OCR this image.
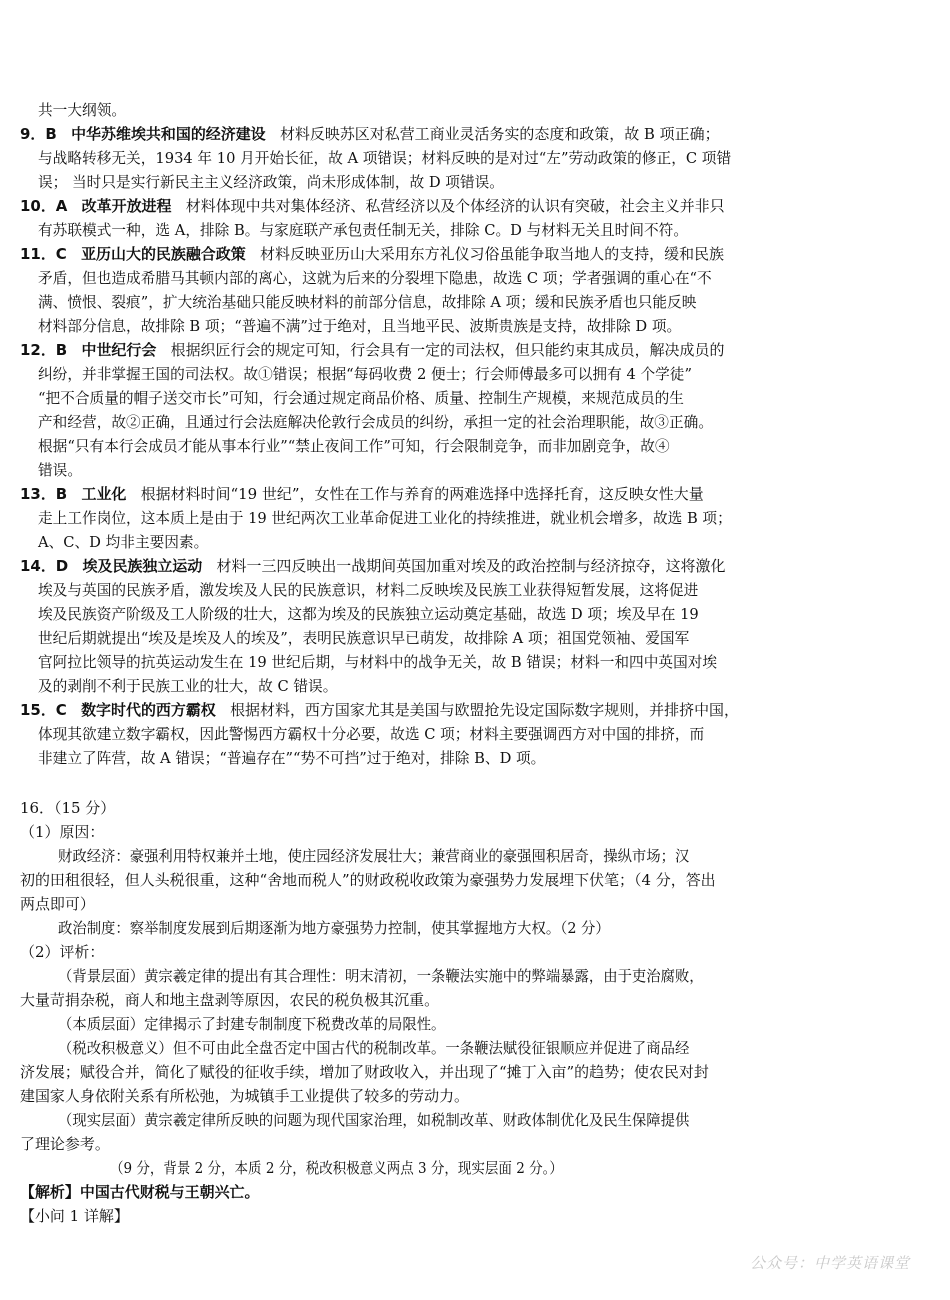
共一大纲领。
9．B 中华苏维埃共和国的经济建设 材料反映苏区对私营工商业灵活务实的态度和政策，故 B 项正确；
与战略转移无关，1934 年 10 月开始长征，故 A 项错误；材料反映的是对过“左”劳动政策的修正，C 项错
误； 当时只是实行新民主主义经济政策，尚未形成体制，故 D 项错误。
10．A 改革开放进程 材料体现中共对集体经济、私营经济以及个体经济的认识有突破，社会主义并非只
有苏联模式一种，选 A，排除 B。与家庭联产承包责任制无关，排除 C。D 与材料无关且时间不符。
11．C 亚历山大的民族融合政策 材料反映亚历山大采用东方礼仪习俗虽能争取当地人的支持，缓和民族
矛盾，但也造成希腊马其顿内部的离心，这就为后来的分裂埋下隐患，故选 C 项；学者强调的重心在“不
满、愤恨、裂痕”，扩大统治基础只能反映材料的前部分信息，故排除 A 项；缓和民族矛盾也只能反映
材料部分信息，故排除 B 项；“普遍不满”过于绝对，且当地平民、波斯贵族是支持，故排除 D 项。
12．B 中世纪行会 根据织匠行会的规定可知，行会具有一定的司法权，但只能约束其成员，解决成员的
纠纷，并非掌握王国的司法权。故①错误；根据“每码收费 2 便士；行会师傅最多可以拥有 4 个学徒”
“把不合质量的帽子送交市长”可知，行会通过规定商品价格、质量、控制生产规模，来规范成员的生
产和经营，故②正确，且通过行会法庭解决伦敦行会成员的纠纷，承担一定的社会治理职能，故③正确。
根据“只有本行会成员才能从事本行业”“禁止夜间工作”可知，行会限制竞争，而非加剧竞争，故④
错误。
13．B 工业化 根据材料时间“19 世纪”，女性在工作与养育的两难选择中选择托育，这反映女性大量
走上工作岗位，这本质上是由于 19 世纪两次工业革命促进工业化的持续推进，就业机会增多，故选 B 项；
A、C、D 均非主要因素。
14．D 埃及民族独立运动 材料一三四反映出一战期间英国加重对埃及的政治控制与经济掠夺，这将激化
埃及与英国的民族矛盾，激发埃及人民的民族意识，材料二反映埃及民族工业获得短暂发展，这将促进
埃及民族资产阶级及工人阶级的壮大，这都为埃及的民族独立运动奠定基础，故选 D 项；埃及早在 19
世纪后期就提出“埃及是埃及人的埃及”，表明民族意识早已萌发，故排除 A 项；祖国党领袖、爱国军
官阿拉比领导的抗英运动发生在 19 世纪后期，与材料中的战争无关，故 B 错误；材料一和四中英国对埃
及的剥削不利于民族工业的壮大，故 C 错误。
15．C 数字时代的西方霸权 根据材料，西方国家尤其是美国与欧盟抢先设定国际数字规则，并排挤中国，
体现其欲建立数字霸权，因此警惕西方霸权十分必要，故选 C 项；材料主要强调西方对中国的排挤，而
非建立了阵营，故 A 错误；“普遍存在”“势不可挡”过于绝对，排除 B、D 项。
16．（15 分）
（1）原因：
财政经济：豪强利用特权兼并土地，使庄园经济发展壮大；兼营商业的豪强囤积居奇，操纵市场；汉
初的田租很轻，但人头税很重，这种“舍地而税人”的财政税收政策为豪强势力发展埋下伏笔；（4 分，答出
两点即可）
政治制度：察举制度发展到后期逐渐为地方豪强势力控制，使其掌握地方大权。（2 分）
（2）评析：
（背景层面）黄宗羲定律的提出有其合理性：明末清初，一条鞭法实施中的弊端暴露，由于吏治腐败，
大量苛捐杂税，商人和地主盘剥等原因，农民的税负极其沉重。
（本质层面）定律揭示了封建专制制度下税费改革的局限性。
（税改积极意义）但不可由此全盘否定中国古代的税制改革。一条鞭法赋役征银顺应并促进了商品经
济发展；赋役合并，简化了赋役的征收手续，增加了财政收入，并出现了“摊丁入亩”的趋势；使农民对封
建国家人身依附关系有所松弛，为城镇手工业提供了较多的劳动力。
（现实层面）黄宗羲定律所反映的问题为现代国家治理，如税制改革、财政体制优化及民生保障提供
了理论参考。
（9 分，背景 2 分，本质 2 分，税改积极意义两点 3 分，现实层面 2 分。）
【解析】中国古代财税与王朝兴亡。
【小问 1 详解】
公众号：中学英语课堂
